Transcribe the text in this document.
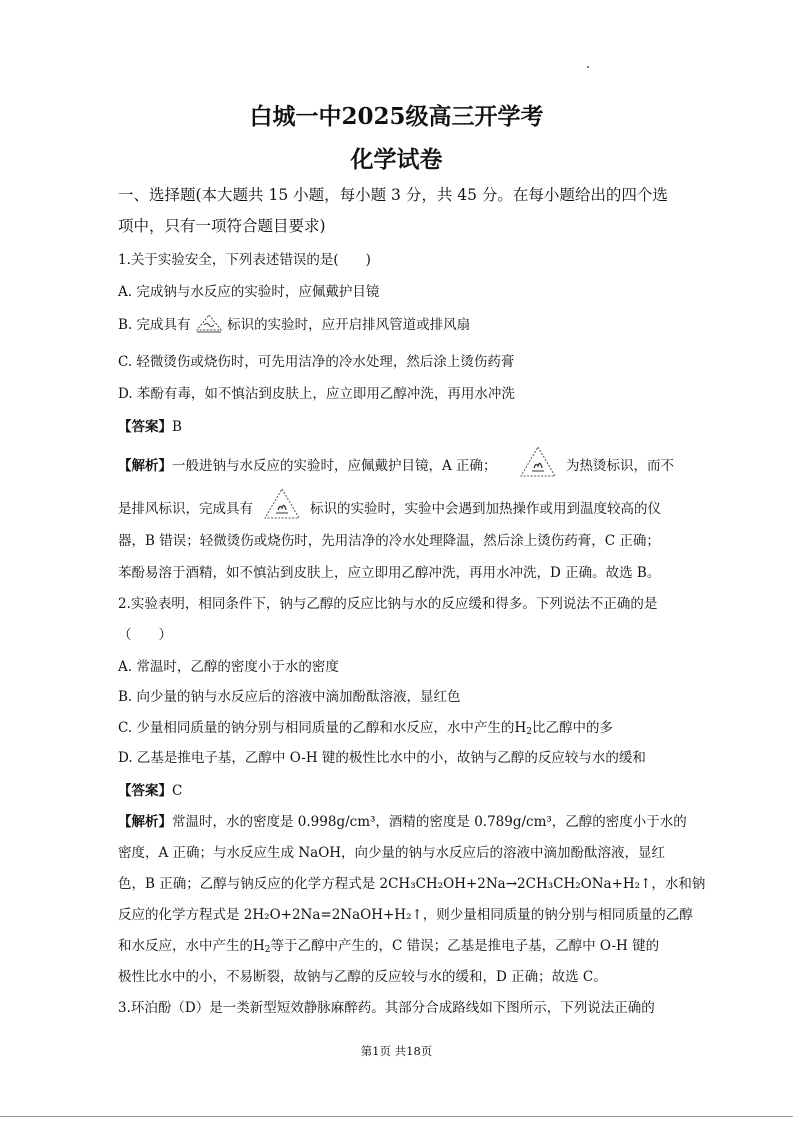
白城一中2025级高三开学考
化学试卷
一、选择题(本大题共 15 小题，每小题 3 分，共 45 分。在每小题给出的四个选
项中，只有一项符合题目要求)
1.关于实验安全，下列表述错误的是(　　)
A. 完成钠与水反应的实验时，应佩戴护目镜
B. 完成具有	标识的实验时，应开启排风管道或排风扇
C. 轻微烫伤或烧伤时，可先用洁净的冷水处理，然后涂上烫伤药膏
D. 苯酚有毒，如不慎沾到皮肤上，应立即用乙醇冲洗，再用水冲洗
【答案】B
【解析】一般进钠与水反应的实验时，应佩戴护目镜，A 正确；	为热烫标识，而不
是排风标识，完成具有	标识的实验时，实验中会遇到加热操作或用到温度较高的仪
器，B 错误；轻微烫伤或烧伤时，先用洁净的冷水处理降温，然后涂上烫伤药膏，C 正确；
苯酚易溶于酒精，如不慎沾到皮肤上，应立即用乙醇冲洗，再用水冲洗，D 正确。故选 B。
2.实验表明，相同条件下，钠与乙醇的反应比钠与水的反应缓和得多。下列说法不正确的是
（　　）
A. 常温时，乙醇的密度小于水的密度
B. 向少量的钠与水反应后的溶液中滴加酚酞溶液，显红色
C. 少量相同质量的钠分别与相同质量的乙醇和水反应，水中产生的$H_2$比乙醇中的多
D. 乙基是推电子基，乙醇中 O-H 键的极性比水中的小，故钠与乙醇的反应较与水的缓和
【答案】C
【解析】常温时，水的密度是 0.998g/cm³，酒精的密度是 0.789g/cm³，乙醇的密度小于水的
密度，A 正确；与水反应生成 NaOH，向少量的钠与水反应后的溶液中滴加酚酞溶液，显红
色，B 正确；乙醇与钠反应的化学方程式是 2CH₃CH₂OH+2Na→2CH₃CH₂ONa+H₂↑，水和钠
反应的化学方程式是 2H₂O+2Na=2NaOH+H₂↑，则少量相同质量的钠分别与相同质量的乙醇
和水反应，水中产生的$H_2$等于乙醇中产生的，C 错误；乙基是推电子基，乙醇中 O-H 键的
极性比水中的小，不易断裂，故钠与乙醇的反应较与水的缓和，D 正确；故选 C。
3.环泊酚（D）是一类新型短效静脉麻醉药。其部分合成路线如下图所示，下列说法正确的
第1页 共18页
